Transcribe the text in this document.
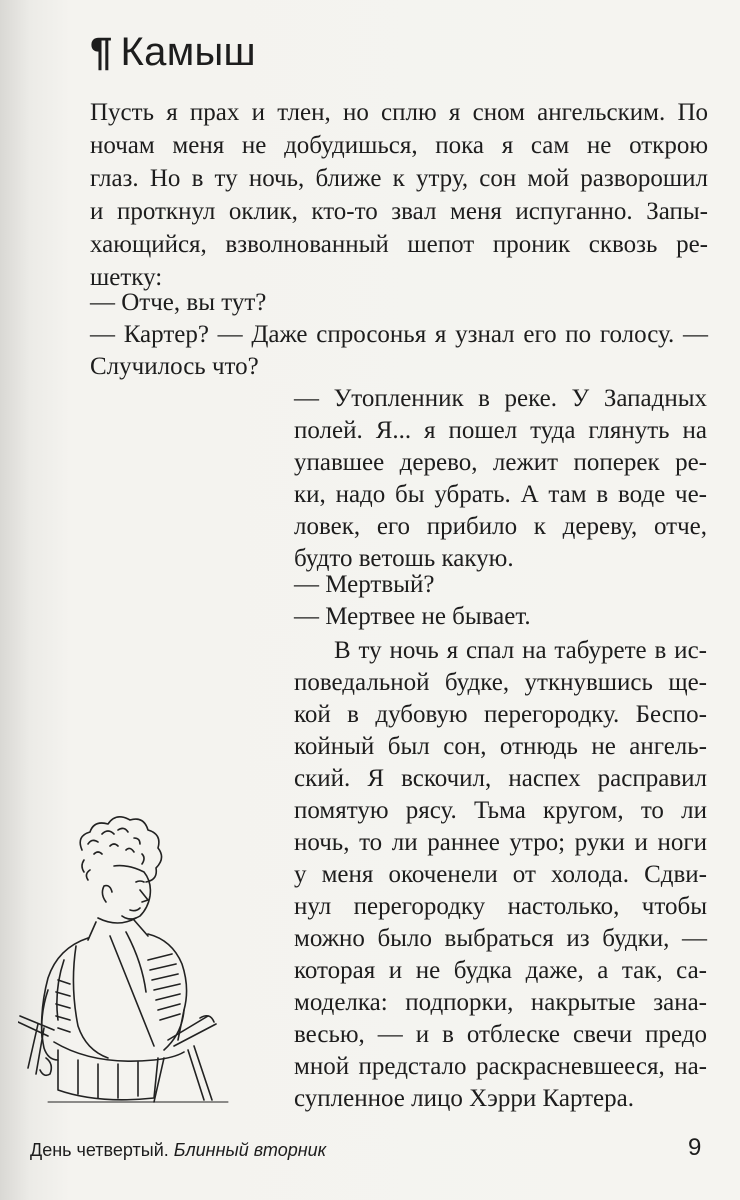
¶ Камыш
Пусть я прах и тлен, но сплю я сном ангельским. По
ночам меня не добудишься, пока я сам не открою
глаз. Но в ту ночь, ближе к утру, сон мой разворошил
и проткнул оклик, кто-то звал меня испуганно. Запы-
хающийся, взволнованный шепот проник сквозь ре-
шетку:
— Отче, вы тут?
— Картер? — Даже спросонья я узнал его по голосу. —
Случилось что?
— Утопленник в реке. У Западных
полей. Я... я пошел туда глянуть на
упавшее дерево, лежит поперек ре-
ки, надо бы убрать. А там в воде че-
ловек, его прибило к дереву, отче,
будто ветошь какую.
— Мертвый?
— Мертвее не бывает.
В ту ночь я спал на табурете в ис-
поведальной будке, уткнувшись ще-
кой в дубовую перегородку. Беспо-
койный был сон, отнюдь не ангель-
ский. Я вскочил, наспех расправил
помятую рясу. Тьма кругом, то ли
ночь, то ли раннее утро; руки и ноги
у меня окоченели от холода. Сдви-
нул перегородку настолько, чтобы
можно было выбраться из будки, —
которая и не будка даже, а так, са-
моделка: подпорки, накрытые зана-
весью, — и в отблеске свечи предо
мной предстало раскрасневшееся, на-
супленное лицо Хэрри Картера.
День четвертый. Блинный вторник	9
